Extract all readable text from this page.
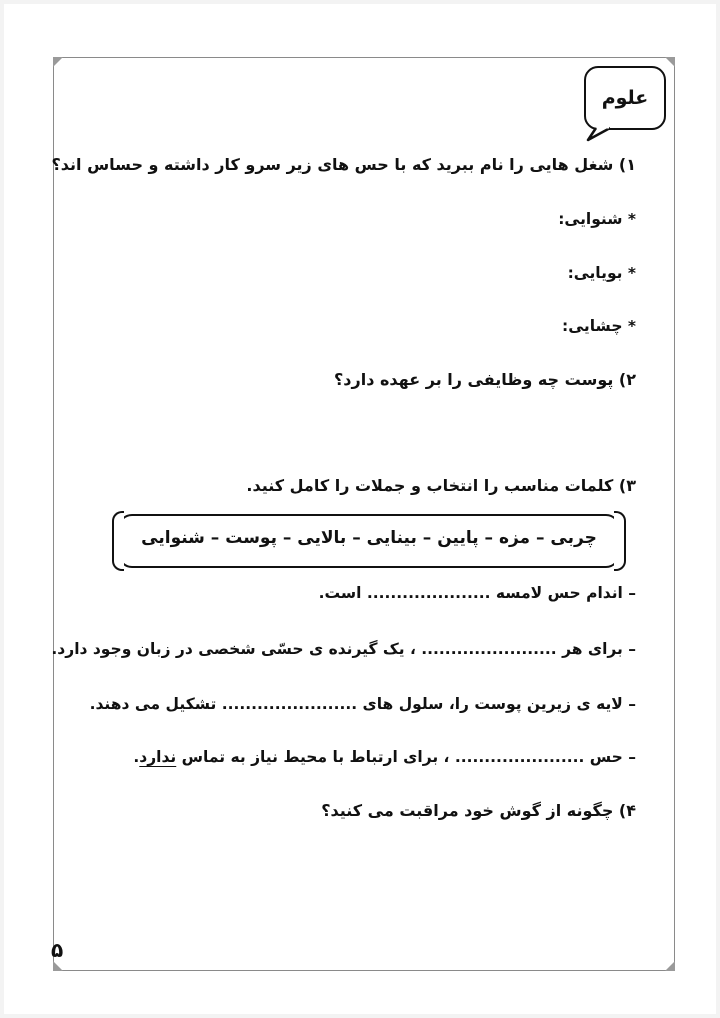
علوم
۱) شغل هایی را نام ببرید که با حس های زیر سرو کار داشته و حساس اند؟
* شنوایی:
* بویایی:
* چشایی:
۲) پوست چه وظایفی را بر عهده دارد؟
۳) کلمات مناسب را انتخاب و جملات را کامل کنید.
چربی – مزه – پایین – بینایی – بالایی – پوست – شنوایی
– اندام حس لامسه ..................... است.
– برای هر ....................... ، یک گیرنده ی حسّی شخصی در زبان وجود دارد.
– لایه ی زیرین پوست را، سلول های ....................... تشکیل می دهند.
– حس ...................... ، برای ارتباط با محیط نیاز به تماس ندارد.
۴) چگونه از گوش خود مراقبت می کنید؟
۵
